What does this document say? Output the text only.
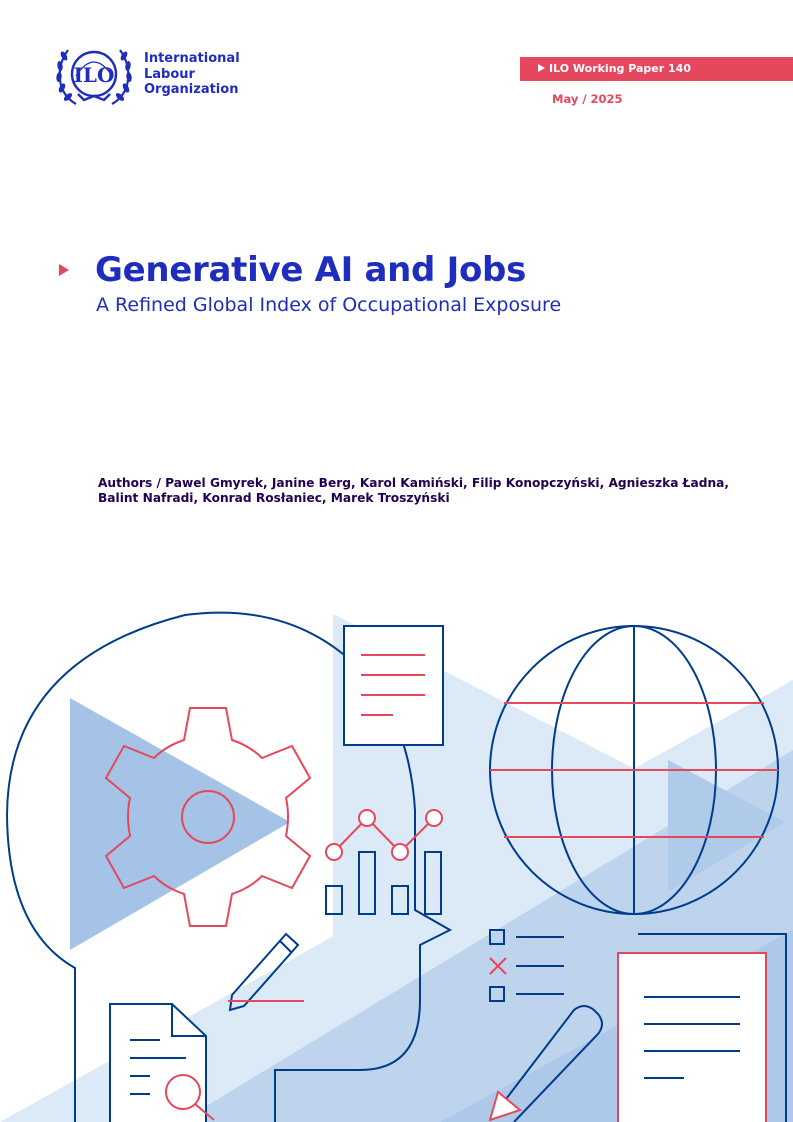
ILO
International
Labour
Organization
ILO Working Paper 140
May / 2025
Generative AI and Jobs
A Refined Global Index of Occupational Exposure
Authors / Pawel Gmyrek, Janine Berg, Karol Kamiński, Filip Konopczyński, Agnieszka Ładna, Balint Nafradi, Konrad Rosłaniec, Marek Troszyński
